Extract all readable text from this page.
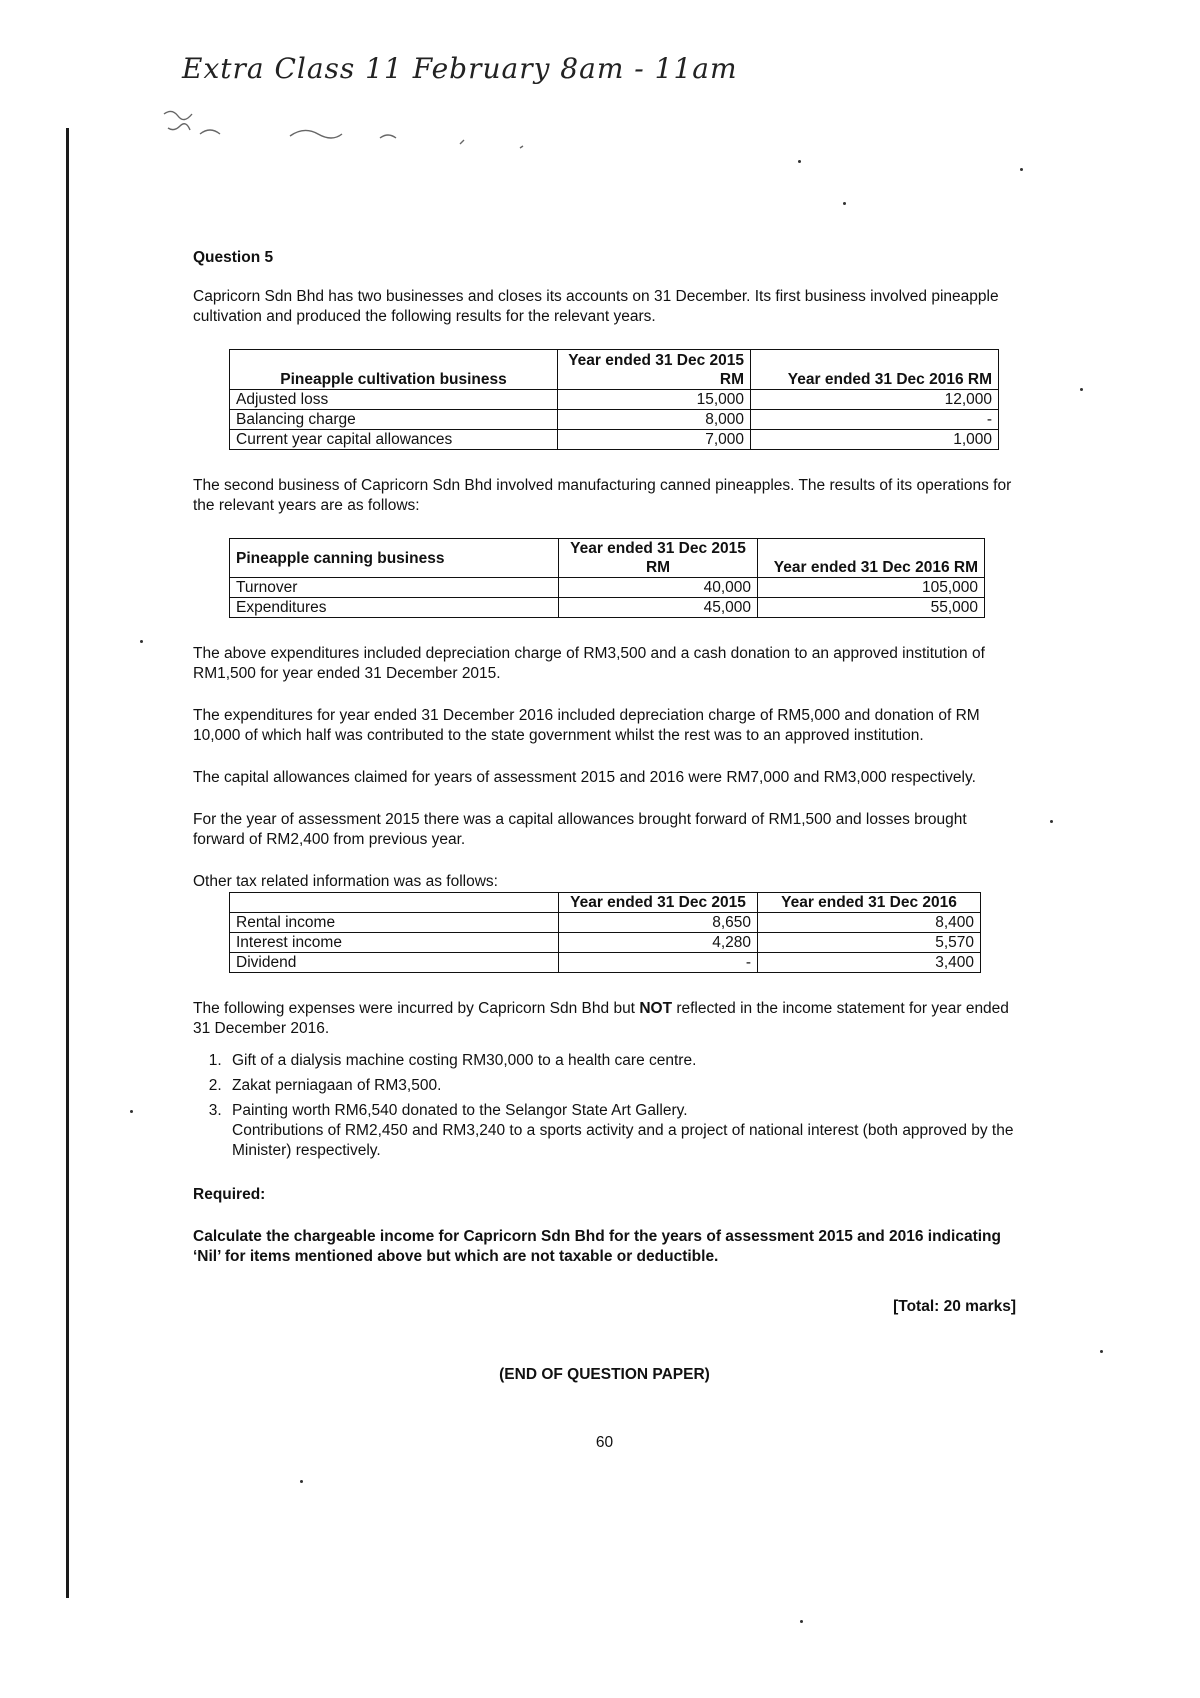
Extra Class 11 February 8am - 11am

Question 5

Capricorn Sdn Bhd has two businesses and closes its accounts on 31 December. Its first business involved pineapple cultivation and produced the following results for the relevant years.

Pineapple cultivation business	Year ended 31 Dec 2015 RM	Year ended 31 Dec 2016 RM
Adjusted loss	15,000	12,000
Balancing charge	8,000	-
Current year capital allowances	7,000	1,000

The second business of Capricorn Sdn Bhd involved manufacturing canned pineapples. The results of its operations for the relevant years are as follows:

Pineapple canning business	Year ended 31 Dec 2015 RM	Year ended 31 Dec 2016 RM
Turnover	40,000	105,000
Expenditures	45,000	55,000

The above expenditures included depreciation charge of RM3,500 and a cash donation to an approved institution of RM1,500 for year ended 31 December 2015.

The expenditures for year ended 31 December 2016 included depreciation charge of RM5,000 and donation of RM 10,000 of which half was contributed to the state government whilst the rest was to an approved institution.

The capital allowances claimed for years of assessment 2015 and 2016 were RM7,000 and RM3,000 respectively.

For the year of assessment 2015 there was a capital allowances brought forward of RM1,500 and losses brought forward of RM2,400 from previous year.

Other tax related information was as follows:

	Year ended 31 Dec 2015	Year ended 31 Dec 2016
Rental income	8,650	8,400
Interest income	4,280	5,570
Dividend	-	3,400

The following expenses were incurred by Capricorn Sdn Bhd but NOT reflected in the income statement for year ended 31 December 2016.

1. Gift of a dialysis machine costing RM30,000 to a health care centre.
2. Zakat perniagaan of RM3,500.
3. Painting worth RM6,540 donated to the Selangor State Art Gallery.
Contributions of RM2,450 and RM3,240 to a sports activity and a project of national interest (both approved by the Minister) respectively.

Required:

Calculate the chargeable income for Capricorn Sdn Bhd for the years of assessment 2015 and 2016 indicating ‘Nil’ for items mentioned above but which are not taxable or deductible.

[Total: 20 marks]

(END OF QUESTION PAPER)

60
